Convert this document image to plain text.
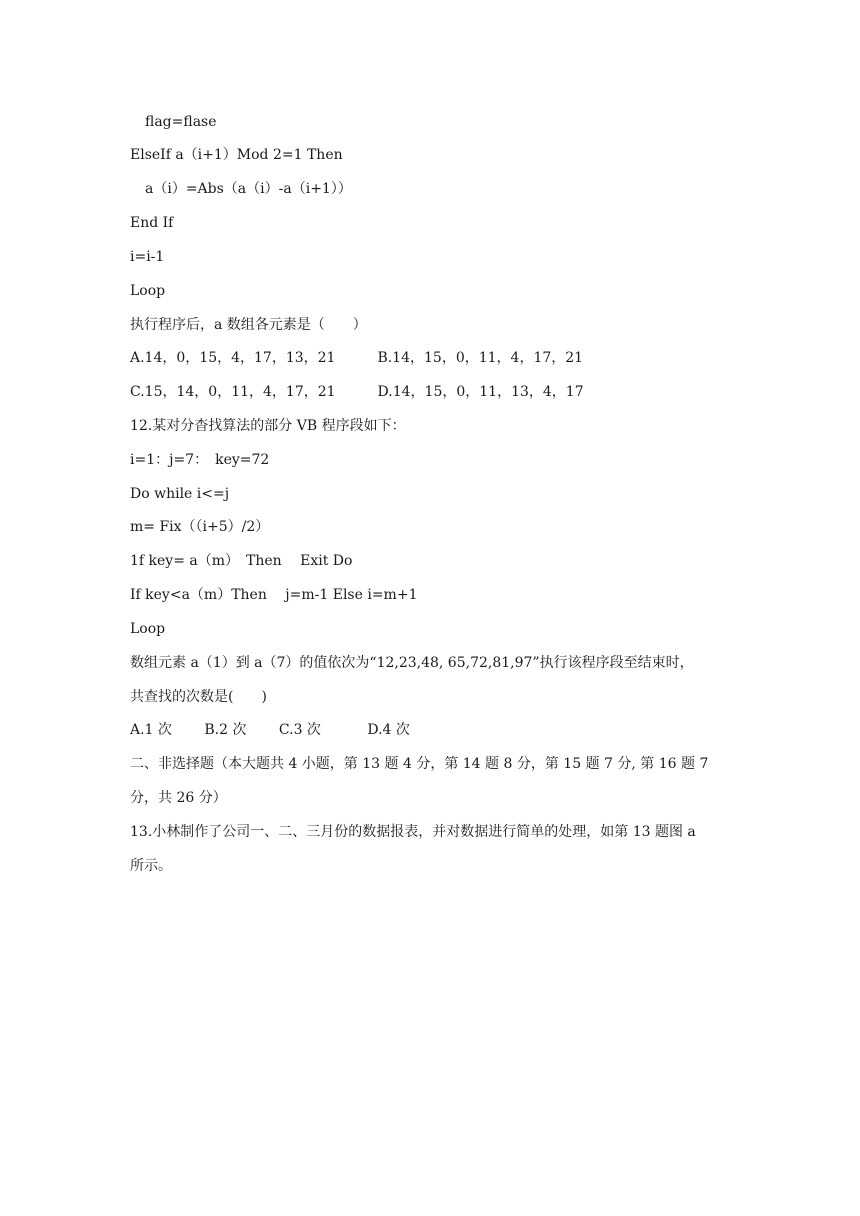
flag=flase
ElseIf a（i+1）Mod 2=1 Then
a（i）=Abs（a（i）-a（i+1））
End If
i=i-1
Loop
执行程序后，a 数组各元素是（　　）
A.14，0，15，4，17，13，21　　　B.14，15，0，11，4，17，21
C.15，14，0，11，4，17，21　　　D.14，15，0，11，13，4，17
12.某对分杳找算法的部分 VB 程序段如下：
i=1：j=7：　key=72
Do while i<=j
m= Fix（（i+5）/2）
1f key= a（m）　Then　 Exit Do
If key<a（m）Then　 j=m-1 Else i=m+1
Loop
数组元素 a（1）到 a（7）的值依次为“12,23,48, 65,72,81,97”执行该程序段至结束时，
共查找的次数是(　　)
A.1 次　　 B.2 次　　 C.3 次　　　 D.4 次
二、非选择题（本大题共 4 小题，第 13 题 4 分，第 14 题 8 分，第 15 题 7 分, 第 16 题 7
分，共 26 分）
13.小林制作了公司一、二、三月份的数据报表，并对数据进行简单的处理，如第 13 题图 a
所示。
